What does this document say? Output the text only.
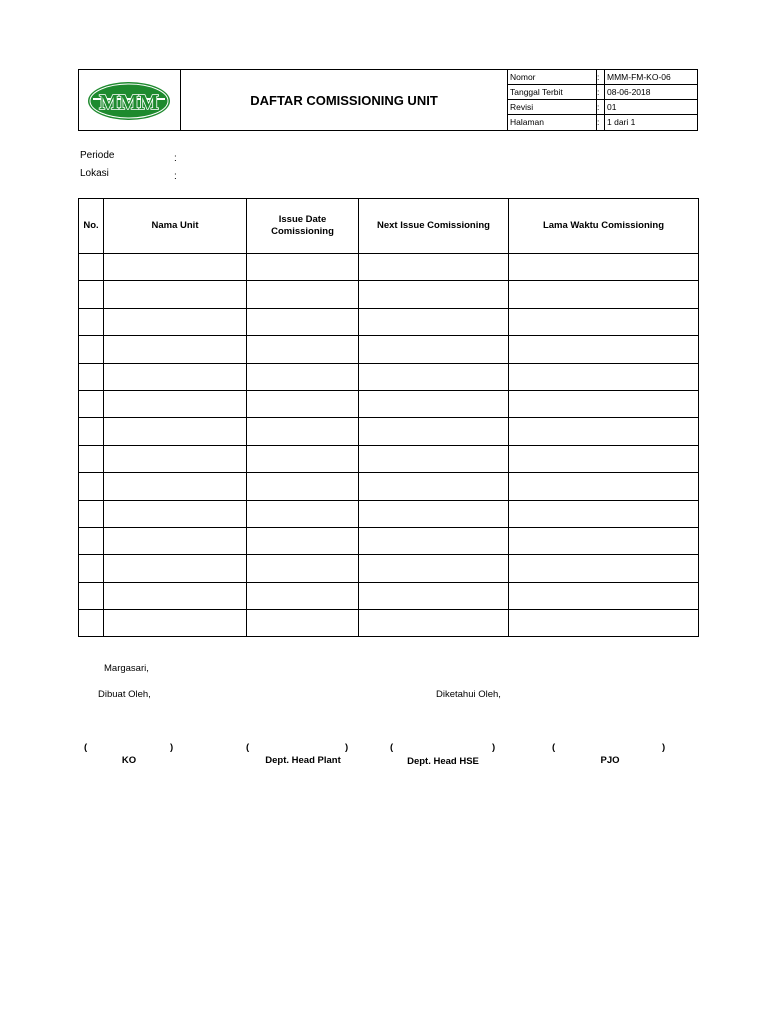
MMM	DAFTAR COMISSIONING UNIT
Nomor	: MMM-FM-KO-06
Tanggal Terbit	: 08-06-2018
Revisi	: 01
Halaman	: 1 dari 1
Periode	:
Lokasi	:
No.	Nama Unit	Issue Date Comissioning	Next Issue Comissioning	Lama Waktu Comissioning

Margasari,
Dibuat Oleh,	Diketahui Oleh,
(	)	(	)	(	)	(	)
KO	Dept. Head Plant	Dept. Head HSE	PJO
